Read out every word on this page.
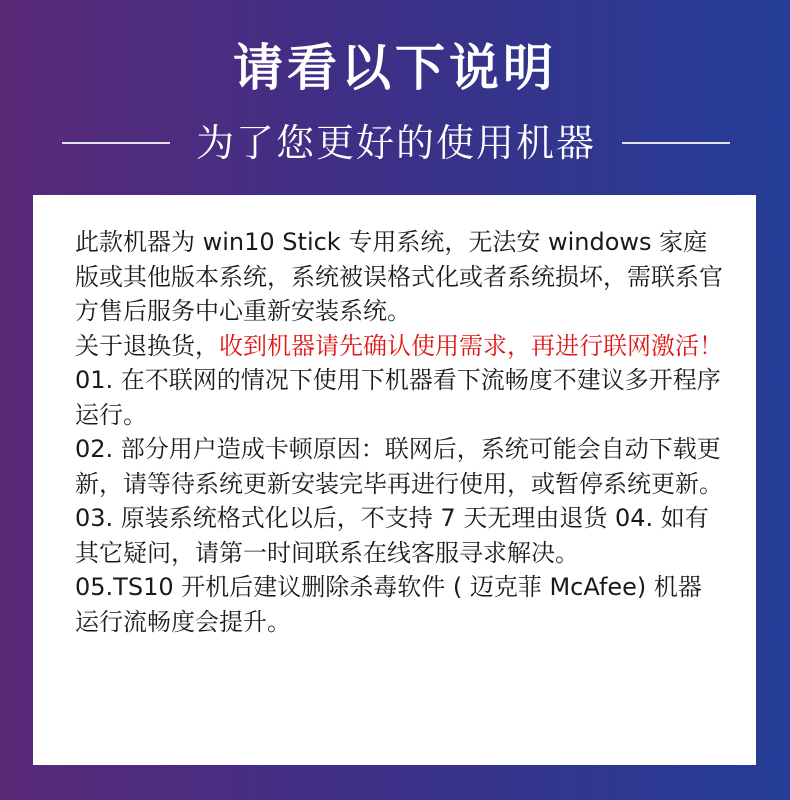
请看以下说明
为了您更好的使用机器

此款机器为 win10 Stick 专用系统，无法安 windows 家庭版或其他版本系统，系统被误格式化或者系统损坏，需联系官方售后服务中心重新安装系统。

关于退换货，收到机器请先确认使用需求，再进行联网激活！

01. 在不联网的情况下使用下机器看下流畅度不建议多开程序运行。

02. 部分用户造成卡顿原因：联网后，系统可能会自动下载更新，请等待系统更新安装完毕再进行使用，或暂停系统更新。

03. 原装系统格式化以后，不支持 7 天无理由退货 04. 如有其它疑问，请第一时间联系在线客服寻求解决。

05.TS10 开机后建议删除杀毒软件 ( 迈克菲 McAfee) 机器运行流畅度会提升。
